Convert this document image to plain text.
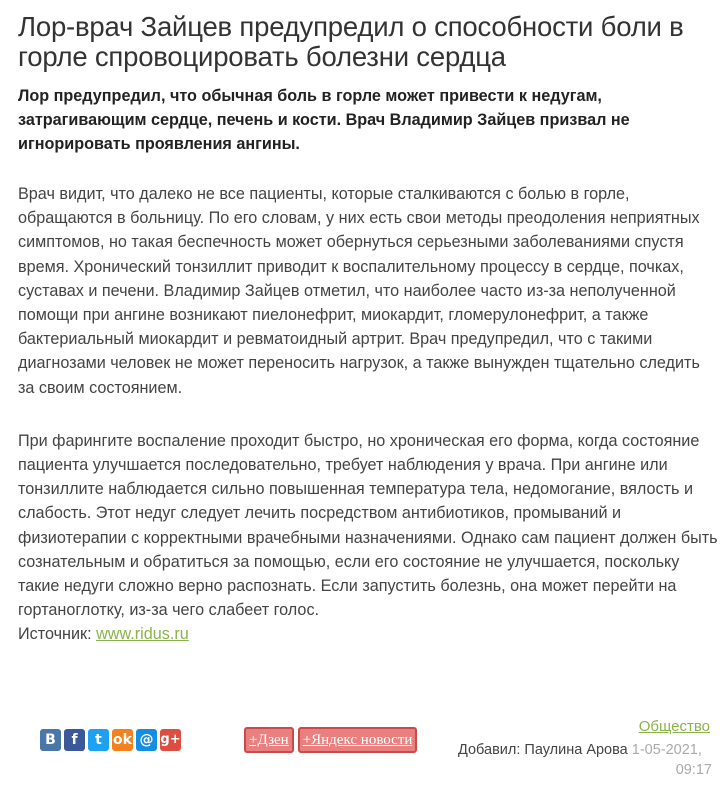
Лор-врач Зайцев предупредил о способности боли в горле спровоцировать болезни сердца

Лор предупредил, что обычная боль в горле может привести к недугам, затрагивающим сердце, печень и кости. Врач Владимир Зайцев призвал не игнорировать проявления ангины.

Врач видит, что далеко не все пациенты, которые сталкиваются с болью в горле, обращаются в больницу. По его словам, у них есть свои методы преодоления неприятных симптомов, но такая беспечность может обернуться серьезными заболеваниями спустя время. Хронический тонзиллит приводит к воспалительному процессу в сердце, почках, суставах и печени. Владимир Зайцев отметил, что наиболее часто из-за неполученной помощи при ангине возникают пиелонефрит, миокардит, гломерулонефрит, а также бактериальный миокардит и ревматоидный артрит. Врач предупредил, что с такими диагнозами человек не может переносить нагрузок, а также вынужден тщательно следить за своим состоянием.

При фарингите воспаление проходит быстро, но хроническая его форма, когда состояние пациента улучшается последовательно, требует наблюдения у врача. При ангине или тонзиллите наблюдается сильно повышенная температура тела, недомогание, вялость и слабость. Этот недуг следует лечить посредством антибиотиков, промываний и физиотерапии с корректными врачебными назначениями. Однако сам пациент должен быть сознательным и обратиться за помощью, если его состояние не улучшается, поскольку такие недуги сложно верно распознать. Если запустить болезнь, она может перейти на гортаноглотку, из-за чего слабеет голос.

Источник: www.ridus.ru

В	f	t ok @ g+	+Дзен +Яндекс новости
Общество
Добавил: Паулина Арова 1-05-2021,
09:17
